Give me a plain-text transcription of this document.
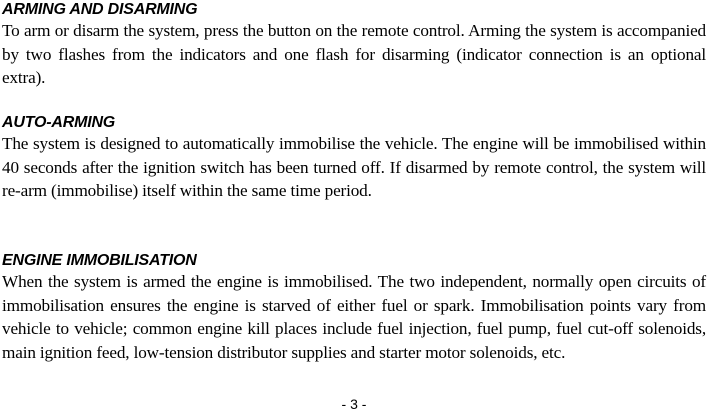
ARMING AND DISARMING

To arm or disarm the system, press the button on the remote control. Arming the system is accompanied by two flashes from the indicators and one flash for disarming (indicator connection is an optional extra).

AUTO-ARMING

The system is designed to automatically immobilise the vehicle. The engine will be immobilised within 40 seconds after the ignition switch has been turned off. If disarmed by remote control, the system will re-arm (immobilise) itself within the same time period.

ENGINE IMMOBILISATION

When the system is armed the engine is immobilised. The two independent, normally open circuits of immobilisation ensures the engine is starved of either fuel or spark. Immobilisation points vary from vehicle to vehicle; common engine kill places include fuel injection, fuel pump, fuel cut-off solenoids, main ignition feed, low-tension distributor supplies and starter motor solenoids, etc.

- 3 -
